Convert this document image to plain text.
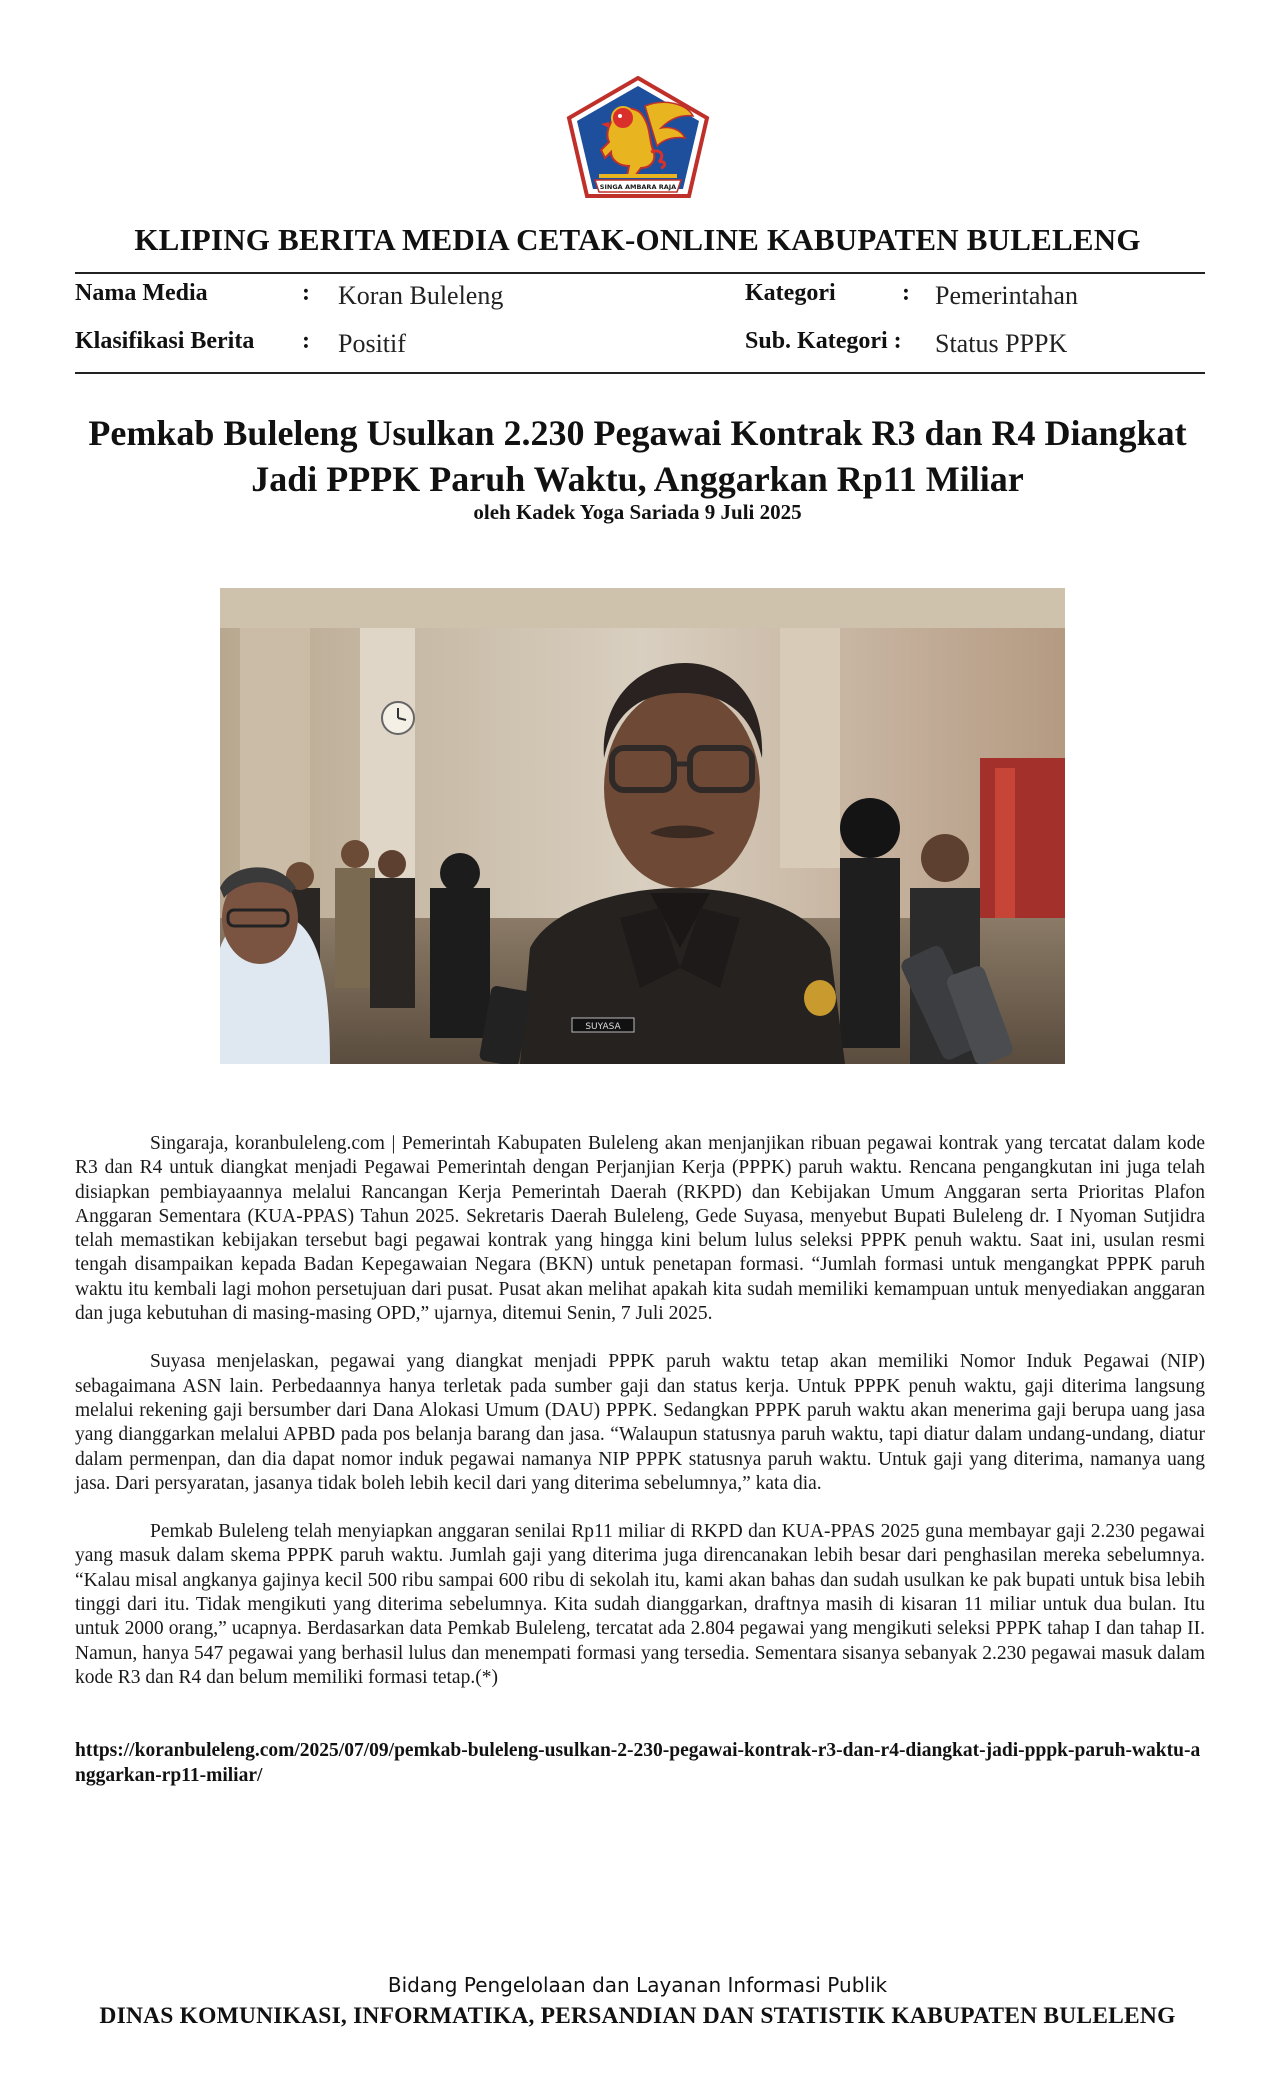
SINGA AMBARA RAJA
KLIPING BERITA MEDIA CETAK-ONLINE KABUPATEN BULELENG
Nama Media	: Koran Buleleng
Klasifikasi Berita : Positif
Kategori	: Pemerintahan
Sub. Kategori : Status PPPK
Pemkab Buleleng Usulkan 2.230 Pegawai Kontrak R3 dan R4 Diangkat
Jadi PPPK Paruh Waktu, Anggarkan Rp11 Miliar
oleh Kadek Yoga Sariada 9 Juli 2025
SUYASA

Singaraja, koranbuleleng.com | Pemerintah Kabupaten Buleleng akan menjanjikan ribuan pegawai kontrak yang tercatat dalam kode R3 dan R4 untuk diangkat menjadi Pegawai Pemerintah dengan Perjanjian Kerja (PPPK) paruh waktu. Rencana pengangkutan ini juga telah disiapkan pembiayaannya melalui Rancangan Kerja Pemerintah Daerah (RKPD) dan Kebijakan Umum Anggaran serta Prioritas Plafon Anggaran Sementara (KUA-PPAS) Tahun 2025. Sekretaris Daerah Buleleng, Gede Suyasa, menyebut Bupati Buleleng dr. I Nyoman Sutjidra telah memastikan kebijakan tersebut bagi pegawai kontrak yang hingga kini belum lulus seleksi PPPK penuh waktu. Saat ini, usulan resmi tengah disampaikan kepada Badan Kepegawaian Negara (BKN) untuk penetapan formasi. “Jumlah formasi untuk mengangkat PPPK paruh waktu itu kembali lagi mohon persetujuan dari pusat. Pusat akan melihat apakah kita sudah memiliki kemampuan untuk menyediakan anggaran dan juga kebutuhan di masing-masing OPD,” ujarnya, ditemui Senin, 7 Juli 2025.

Suyasa menjelaskan, pegawai yang diangkat menjadi PPPK paruh waktu tetap akan memiliki Nomor Induk Pegawai (NIP) sebagaimana ASN lain. Perbedaannya hanya terletak pada sumber gaji dan status kerja. Untuk PPPK penuh waktu, gaji diterima langsung melalui rekening gaji bersumber dari Dana Alokasi Umum (DAU) PPPK. Sedangkan PPPK paruh waktu akan menerima gaji berupa uang jasa yang dianggarkan melalui APBD pada pos belanja barang dan jasa. “Walaupun statusnya paruh waktu, tapi diatur dalam undang-undang, diatur dalam permenpan, dan dia dapat nomor induk pegawai namanya NIP PPPK statusnya paruh waktu. Untuk gaji yang diterima, namanya uang jasa. Dari persyaratan, jasanya tidak boleh lebih kecil dari yang diterima sebelumnya,” kata dia.

Pemkab Buleleng telah menyiapkan anggaran senilai Rp11 miliar di RKPD dan KUA-PPAS 2025 guna membayar gaji 2.230 pegawai yang masuk dalam skema PPPK paruh waktu. Jumlah gaji yang diterima juga direncanakan lebih besar dari penghasilan mereka sebelumnya. “Kalau misal angkanya gajinya kecil 500 ribu sampai 600 ribu di sekolah itu, kami akan bahas dan sudah usulkan ke pak bupati untuk bisa lebih tinggi dari itu. Tidak mengikuti yang diterima sebelumnya. Kita sudah dianggarkan, draftnya masih di kisaran 11 miliar untuk dua bulan. Itu untuk 2000 orang,” ucapnya. Berdasarkan data Pemkab Buleleng, tercatat ada 2.804 pegawai yang mengikuti seleksi PPPK tahap I dan tahap II. Namun, hanya 547 pegawai yang berhasil lulus dan menempati formasi yang tersedia. Sementara sisanya sebanyak 2.230 pegawai masuk dalam kode R3 dan R4 dan belum memiliki formasi tetap.(*)

https://koranbuleleng.com/2025/07/09/pemkab-buleleng-usulkan-2-230-pegawai-kontrak-r3-dan-r4-diangkat-jadi-pppk-paruh-waktu-anggarkan-rp11-miliar/
Bidang Pengelolaan dan Layanan Informasi Publik
DINAS KOMUNIKASI, INFORMATIKA, PERSANDIAN DAN STATISTIK KABUPATEN BULELENG
